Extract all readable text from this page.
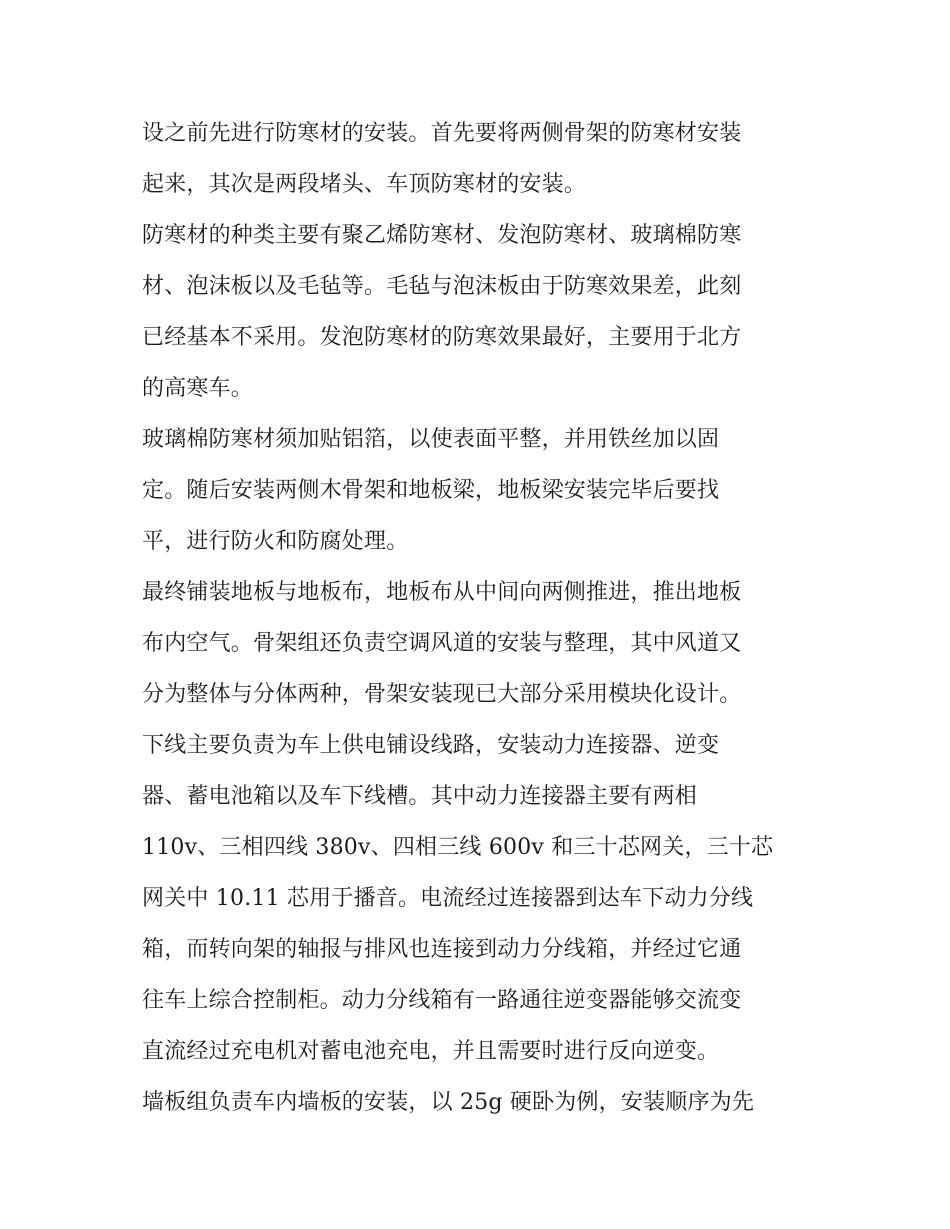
设之前先进行防寒材的安装。首先要将两侧骨架的防寒材安装
起来，其次是两段堵头、车顶防寒材的安装。
防寒材的种类主要有聚乙烯防寒材、发泡防寒材、玻璃棉防寒
材、泡沫板以及毛毡等。毛毡与泡沫板由于防寒效果差，此刻
已经基本不采用。发泡防寒材的防寒效果最好，主要用于北方
的高寒车。
玻璃棉防寒材须加贴铝箔，以使表面平整，并用铁丝加以固
定。随后安装两侧木骨架和地板梁，地板梁安装完毕后要找
平，进行防火和防腐处理。
最终铺装地板与地板布，地板布从中间向两侧推进，推出地板
布内空气。骨架组还负责空调风道的安装与整理，其中风道又
分为整体与分体两种，骨架安装现已大部分采用模块化设计。
下线主要负责为车上供电铺设线路，安装动力连接器、逆变
器、蓄电池箱以及车下线槽。其中动力连接器主要有两相
110v、三相四线 380v、四相三线 600v 和三十芯网关，三十芯
网关中 10.11 芯用于播音。电流经过连接器到达车下动力分线
箱，而转向架的轴报与排风也连接到动力分线箱，并经过它通
往车上综合控制柜。动力分线箱有一路通往逆变器能够交流变
直流经过充电机对蓄电池充电，并且需要时进行反向逆变。
墙板组负责车内墙板的安装，以 25g 硬卧为例，安装顺序为先
